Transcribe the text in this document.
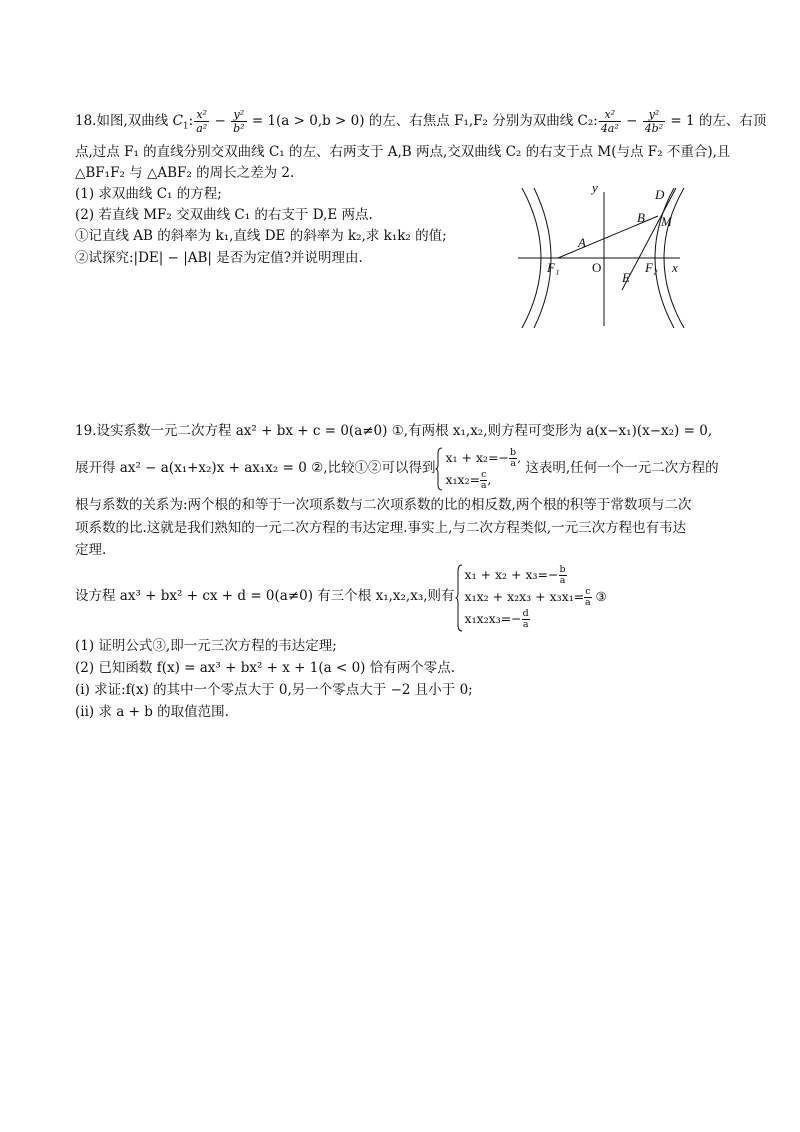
18.如图,双曲线 $C_1$: $\frac{\text{x²}}{\text{a²}} - \frac{\text{y²}}{\text{b²}} = 1(a > 0,b > 0)$ 的左、右焦点 F₁,F₂ 分别为双曲线 C₂: $\frac{\text{x²}}{\text{4a²}} - \frac{\text{y²}}{\text{4b²}} = 1$ 的左、右顶
点,过点 F₁ 的直线分别交双曲线 C₁ 的左、右两支于 A,B 两点,交双曲线 C₂ 的右支于点 M(与点 F₂ 不重合),且
△BF₁F₂ 与 △ABF₂ 的周长之差为 2.
(1) 求双曲线 C₁ 的方程;
(2) 若直线 MF₂ 交双曲线 C₁ 的右支于 D,E 两点.
①记直线 AB 的斜率为 k₁,直线 DE 的斜率为 k₂,求 k₁k₂ 的值;
②试探究:|DE| − |AB| 是否为定值?并说明理由.
y
x
O
F₁	F₂
A
B
D
M
E
19.设实系数一元二次方程 ax² + bx + c = 0(a≠0) ①,有两根 x₁,x₂,则方程可变形为 a(x−x₁)(x−x₂) = 0,
展开得 ax² − a(x₁+x₂)x + ax₁x₂ = 0 ②,比较①②可以得到
$x_1 + x_2=- \frac{b}{a}$ ,
$x_1x_2= \frac{c}{a}$ ,
这表明,任何一个一元二次方程的
根与系数的关系为:两个根的和等于一次项系数与二次项系数的比的相反数,两个根的积等于常数项与二次
项系数的比.这就是我们熟知的一元二次方程的韦达定理.事实上,与二次方程类似,一元三次方程也有韦达
定理.
设方程 ax³ + bx² + cx + d = 0(a≠0) 有三个根 x₁,x₂,x₃,则有
$x_1 + x_2 + x_3=- \frac{b}{a}$
$x_1x_2 + x_2x_3 + x_3x_1= \frac{c}{a}$ ③
$x_1x_2x_3=- \frac{d}{a}$
(1) 证明公式③,即一元三次方程的韦达定理;
(2) 已知函数 f(x) = ax³ + bx² + x + 1(a < 0) 恰有两个零点.
(i) 求证:f(x) 的其中一个零点大于 0,另一个零点大于 −2 且小于 0;
(ii) 求 a + b 的取值范围.
